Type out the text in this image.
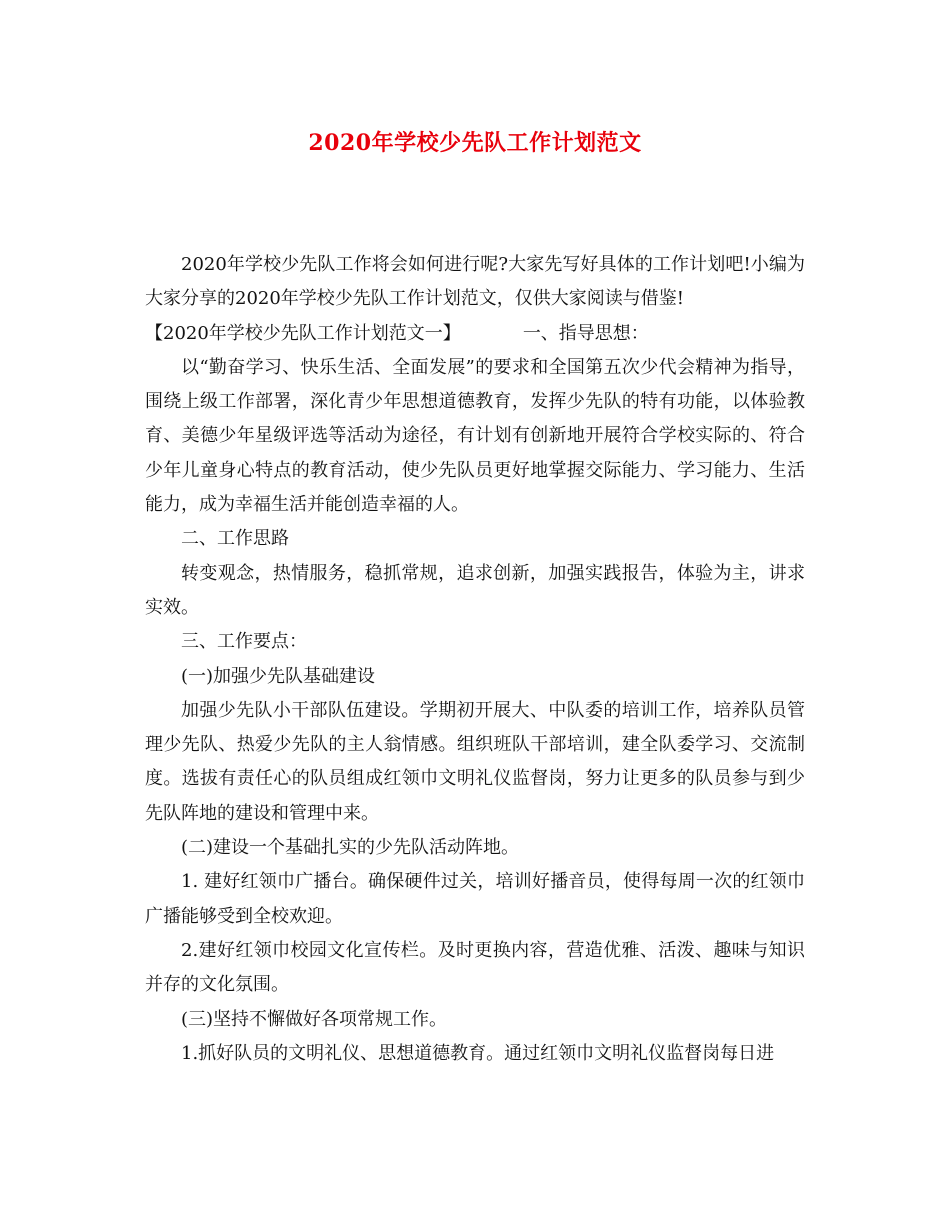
2020年学校少先队工作计划范文

2020年学校少先队工作将会如何进行呢?大家先写好具体的工作计划吧!小编为大家分享的2020年学校少先队工作计划范文，仅供大家阅读与借鉴!

【2020年学校少先队工作计划范文一】	一、指导思想：

以“勤奋学习、快乐生活、全面发展”的要求和全国第五次少代会精神为指导，围绕上级工作部署，深化青少年思想道德教育，发挥少先队的特有功能，以体验教育、美德少年星级评选等活动为途径，有计划有创新地开展符合学校实际的、符合少年儿童身心特点的教育活动，使少先队员更好地掌握交际能力、学习能力、生活能力，成为幸福生活并能创造幸福的人。

二、工作思路

转变观念，热情服务，稳抓常规，追求创新，加强实践报告，体验为主，讲求实效。

三、工作要点：

(一)加强少先队基础建设

加强少先队小干部队伍建设。学期初开展大、中队委的培训工作，培养队员管理少先队、热爱少先队的主人翁情感。组织班队干部培训，建全队委学习、交流制度。选拔有责任心的队员组成红领巾文明礼仪监督岗，努力让更多的队员参与到少先队阵地的建设和管理中来。

(二)建设一个基础扎实的少先队活动阵地。

1. 建好红领巾广播台。确保硬件过关，培训好播音员，使得每周一次的红领巾广播能够受到全校欢迎。

2.建好红领巾校园文化宣传栏。及时更换内容，营造优雅、活泼、趣味与知识并存的文化氛围。

(三)坚持不懈做好各项常规工作。

1.抓好队员的文明礼仪、思想道德教育。通过红领巾文明礼仪监督岗每日进
